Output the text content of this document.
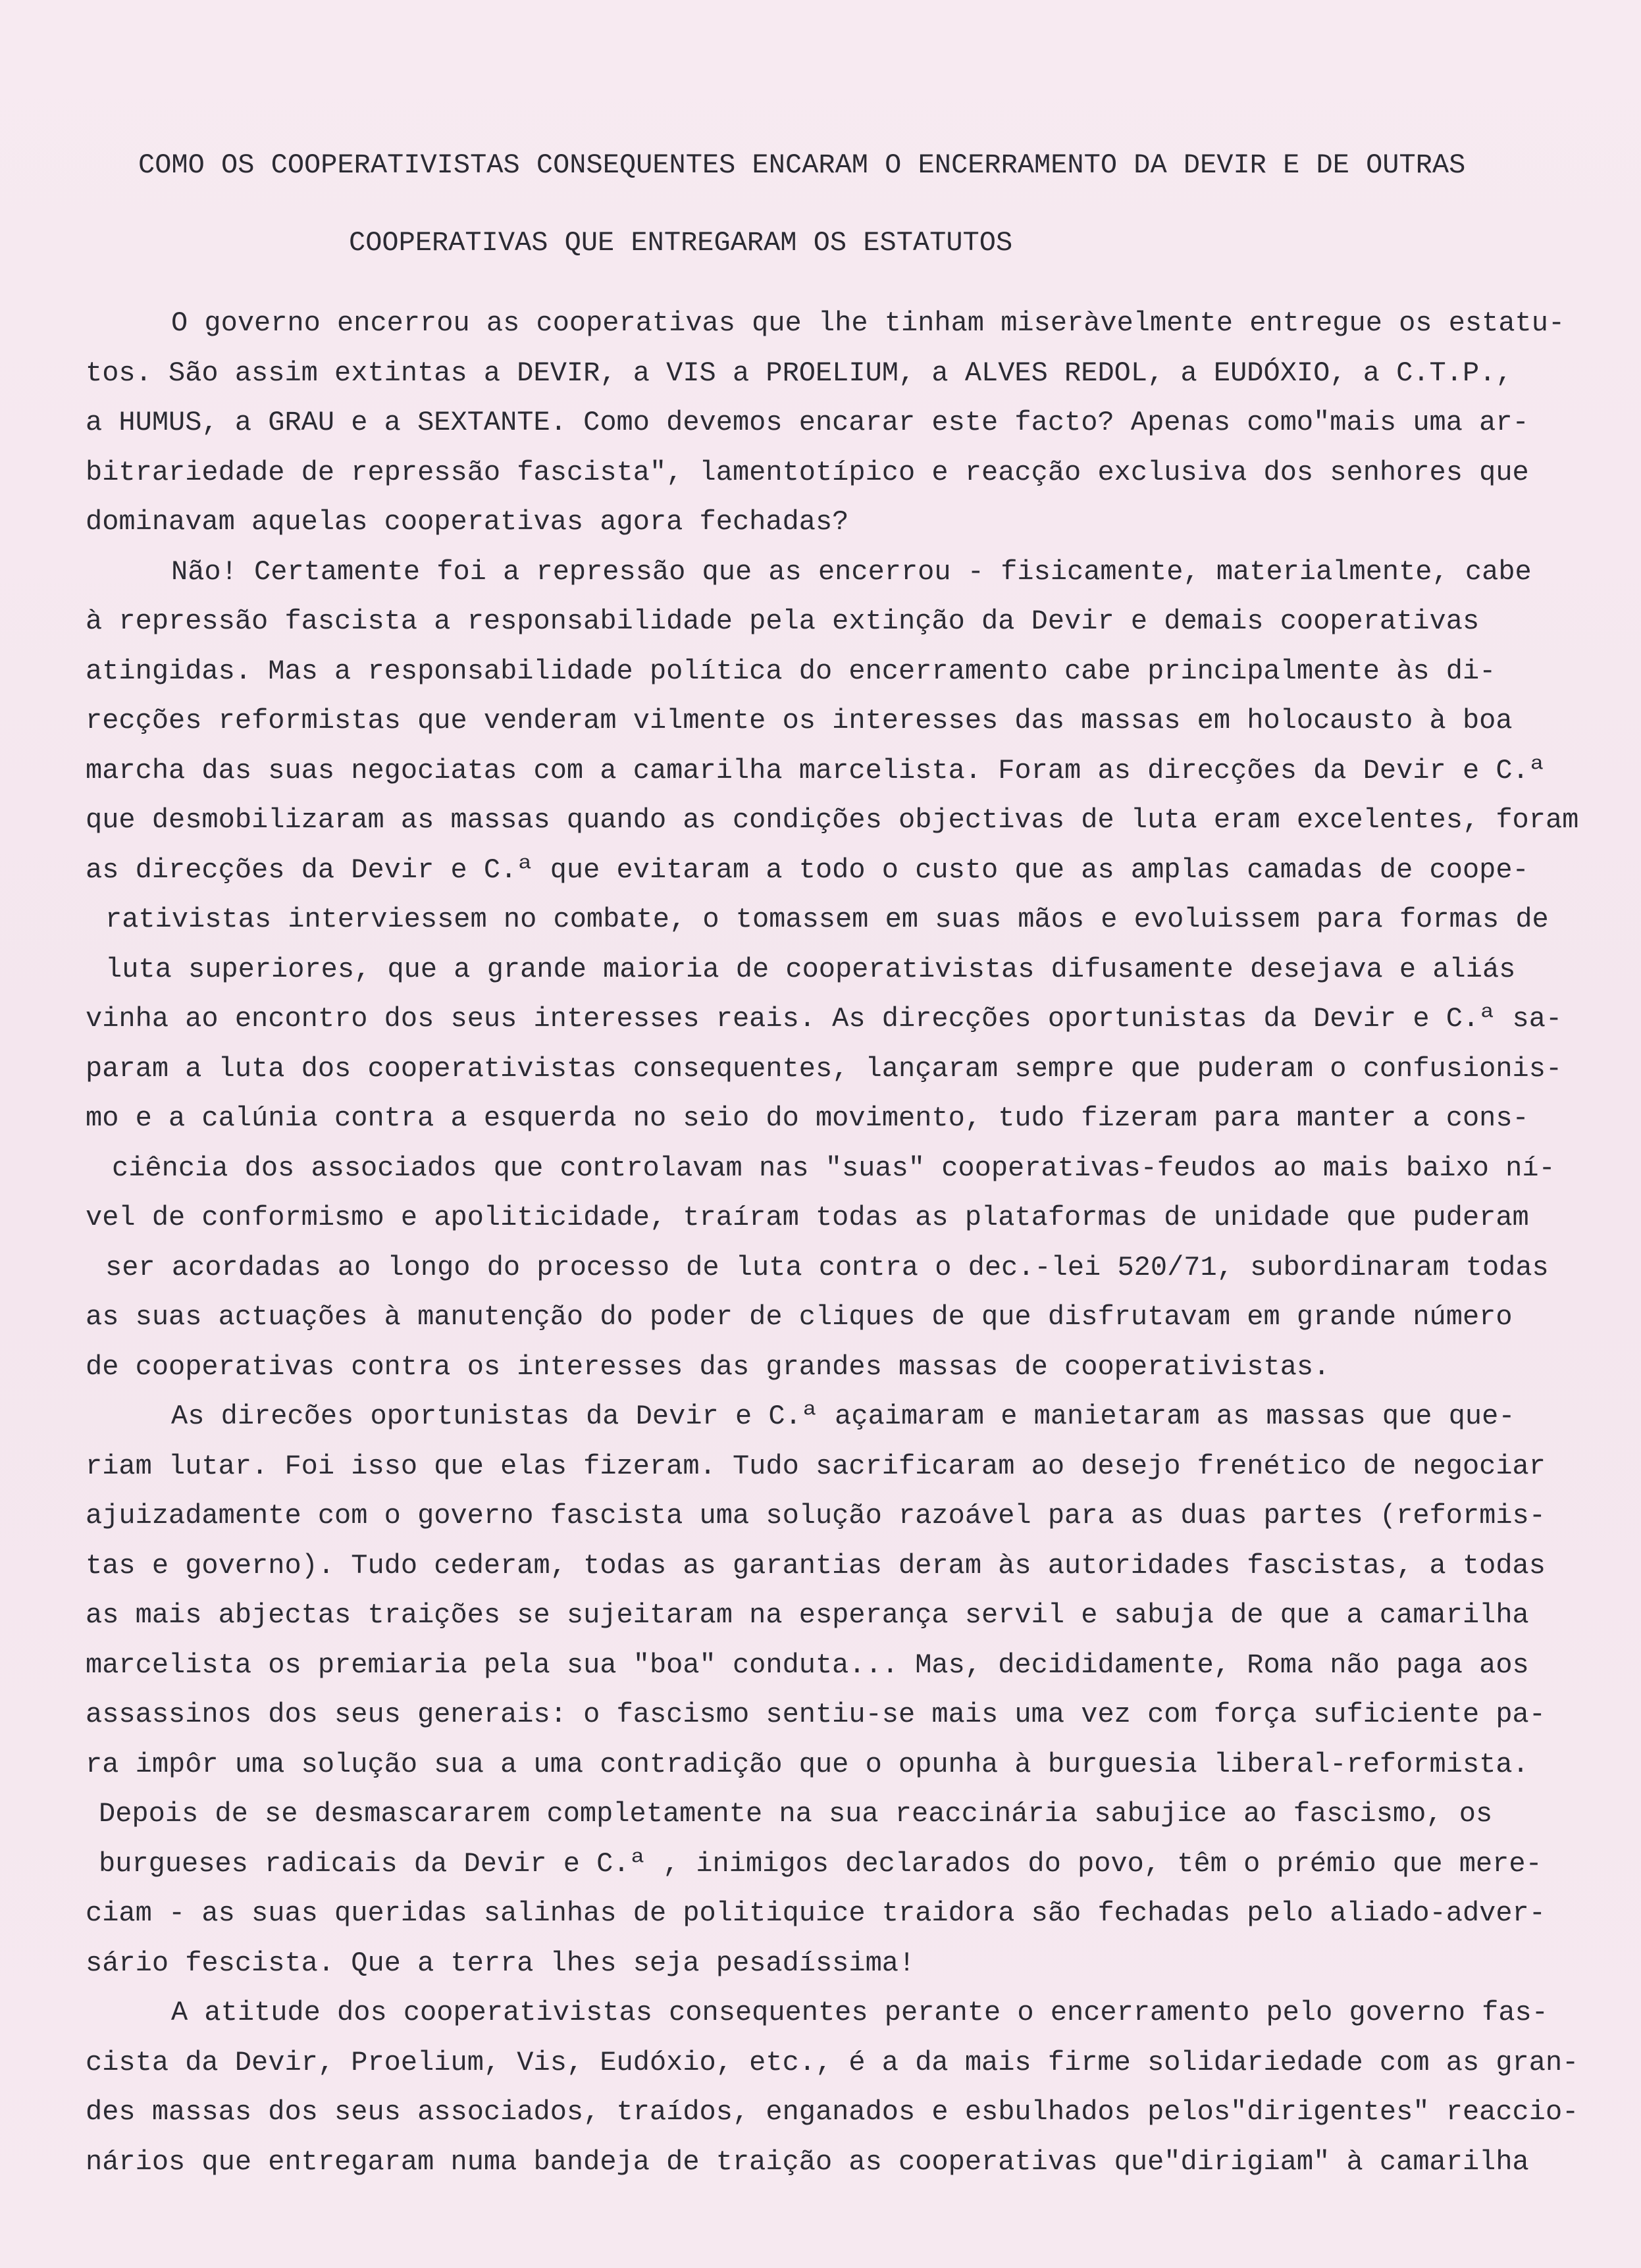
COMO OS COOPERATIVISTAS CONSEQUENTES ENCARAM O ENCERRAMENTO DA DEVIR E DE OUTRAS
COOPERATIVAS QUE ENTREGARAM OS ESTATUTOS
O governo encerrou as cooperativas que lhe tinham miseràvelmente entregue os estatu-
tos. São assim extintas a DEVIR, a VIS a PROELIUM, a ALVES REDOL, a EUDÓXIO, a C.T.P.,
a HUMUS, a GRAU e a SEXTANTE. Como devemos encarar este facto? Apenas como"mais uma ar-
bitrariedade de repressão fascista", lamentotípico e reacção exclusiva dos senhores que
dominavam aquelas cooperativas agora fechadas?
Não! Certamente foi a repressão que as encerrou - fisicamente, materialmente, cabe
à repressão fascista a responsabilidade pela extinção da Devir e demais cooperativas
atingidas. Mas a responsabilidade política do encerramento cabe principalmente às di-
recções reformistas que venderam vilmente os interesses das massas em holocausto à boa
marcha das suas negociatas com a camarilha marcelista. Foram as direcções da Devir e C.ª
que desmobilizaram as massas quando as condições objectivas de luta eram excelentes, foram
as direcções da Devir e C.ª que evitaram a todo o custo que as amplas camadas de coope-
rativistas interviessem no combate, o tomassem em suas mãos e evoluissem para formas de
luta superiores, que a grande maioria de cooperativistas difusamente desejava e aliás
vinha ao encontro dos seus interesses reais. As direcções oportunistas da Devir e C.ª sa-
param a luta dos cooperativistas consequentes, lançaram sempre que puderam o confusionis-
mo e a calúnia contra a esquerda no seio do movimento, tudo fizeram para manter a cons-
ciência dos associados que controlavam nas "suas" cooperativas-feudos ao mais baixo ní-
vel de conformismo e apoliticidade, traíram todas as plataformas de unidade que puderam
ser acordadas ao longo do processo de luta contra o dec.-lei 520/71, subordinaram todas
as suas actuações à manutenção do poder de cliques de que disfrutavam em grande número
de cooperativas contra os interesses das grandes massas de cooperativistas.
As direcões oportunistas da Devir e C.ª açaimaram e manietaram as massas que que-
riam lutar. Foi isso que elas fizeram. Tudo sacrificaram ao desejo frenético de negociar
ajuizadamente com o governo fascista uma solução razoável para as duas partes (reformis-
tas e governo). Tudo cederam, todas as garantias deram às autoridades fascistas, a todas
as mais abjectas traições se sujeitaram na esperança servil e sabuja de que a camarilha
marcelista os premiaria pela sua "boa" conduta... Mas, decididamente, Roma não paga aos
assassinos dos seus generais: o fascismo sentiu-se mais uma vez com força suficiente pa-
ra impôr uma solução sua a uma contradição que o opunha à burguesia liberal-reformista.
Depois de se desmascararem completamente na sua reaccinária sabujice ao fascismo, os
burgueses radicais da Devir e C.ª , inimigos declarados do povo, têm o prémio que mere-
ciam - as suas queridas salinhas de politiquice traidora são fechadas pelo aliado-adver-
sário fescista. Que a terra lhes seja pesadíssima!
A atitude dos cooperativistas consequentes perante o encerramento pelo governo fas-
cista da Devir, Proelium, Vis, Eudóxio, etc., é a da mais firme solidariedade com as gran-
des massas dos seus associados, traídos, enganados e esbulhados pelos"dirigentes" reaccio-
nários que entregaram numa bandeja de traição as cooperativas que"dirigiam" à camarilha
